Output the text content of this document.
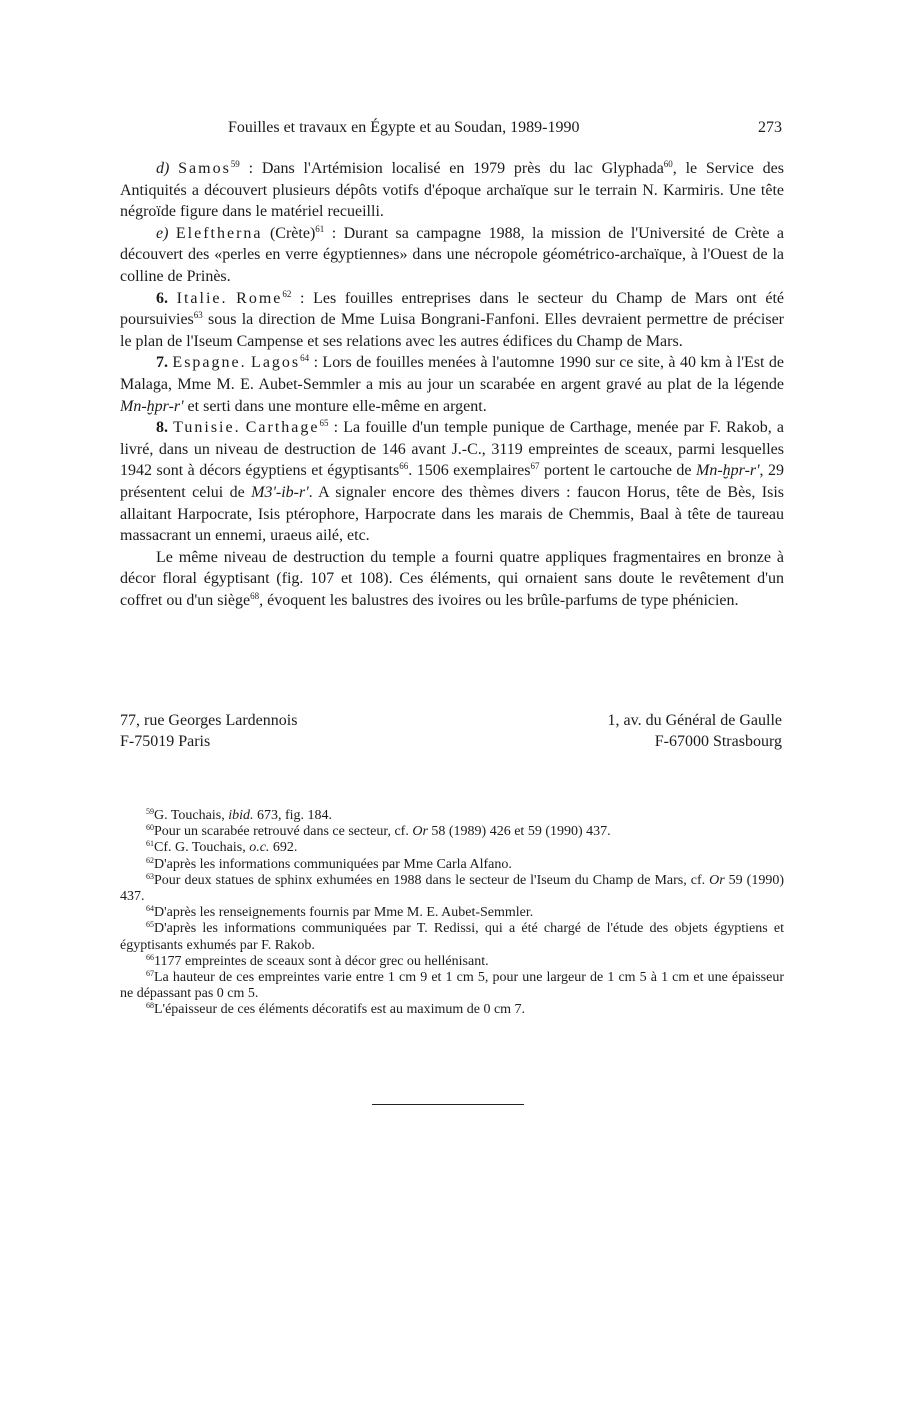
Fouilles et travaux en Égypte et au Soudan, 1989-1990	273

d) Samos$^{59}$ : Dans l'Artémision localisé en 1979 près du lac Glyphada$^{60}$, le Service des Antiquités a découvert plusieurs dépôts votifs d'époque archaïque sur le terrain N. Karmiris. Une tête négroïde figure dans le matériel recueilli.

e) Eleftherna (Crète)$^{61}$ : Durant sa campagne 1988, la mission de l'Université de Crète a découvert des «perles en verre égyptiennes» dans une nécropole géométrico-archaïque, à l'Ouest de la colline de Prinès.

6. Italie. Rome$^{62}$ : Les fouilles entreprises dans le secteur du Champ de Mars ont été poursuivies$^{63}$ sous la direction de Mme Luisa Bongrani-Fanfoni. Elles devraient permettre de préciser le plan de l'Iseum Campense et ses relations avec les autres édifices du Champ de Mars.

7. Espagne. Lagos$^{64}$ : Lors de fouilles menées à l'automne 1990 sur ce site, à 40 km à l'Est de Malaga, Mme M. E. Aubet-Semmler a mis au jour un scarabée en argent gravé au plat de la légende Mn-ḫpr-r' et serti dans une monture elle-même en argent.

8. Tunisie. Carthage$^{65}$ : La fouille d'un temple punique de Carthage, menée par F. Rakob, a livré, dans un niveau de destruction de 146 avant J.-C., 3119 empreintes de sceaux, parmi lesquelles 1942 sont à décors égyptiens et égyptisants$^{66}$. 1506 exemplaires$^{67}$ portent le cartouche de Mn-ḫpr-r', 29 présentent celui de M3'-ib-r'. A signaler encore des thèmes divers : faucon Horus, tête de Bès, Isis allaitant Harpocrate, Isis ptérophore, Harpocrate dans les marais de Chemmis, Baal à tête de taureau massacrant un ennemi, uraeus ailé, etc.

Le même niveau de destruction du temple a fourni quatre appliques fragmentaires en bronze à décor floral égyptisant (fig. 107 et 108). Ces éléments, qui ornaient sans doute le revêtement d'un coffret ou d'un siège$^{68}$, évoquent les balustres des ivoires ou les brûle-parfums de type phénicien.

77, rue Georges Lardennois
F-75019 Paris
1, av. du Général de Gaulle
F-67000 Strasbourg

$^{59}$G. Touchais, ibid. 673, fig. 184.

$^{60}$Pour un scarabée retrouvé dans ce secteur, cf. Or 58 (1989) 426 et 59 (1990) 437.

$^{61}$Cf. G. Touchais, o.c. 692.

$^{62}$D'après les informations communiquées par Mme Carla Alfano.

$^{63}$Pour deux statues de sphinx exhumées en 1988 dans le secteur de l'Iseum du Champ de Mars, cf. Or 59 (1990) 437.

$^{64}$D'après les renseignements fournis par Mme M. E. Aubet-Semmler.

$^{65}$D'après les informations communiquées par T. Redissi, qui a été chargé de l'étude des objets égyptiens et égyptisants exhumés par F. Rakob.

$^{66}$1177 empreintes de sceaux sont à décor grec ou hellénisant.

$^{67}$La hauteur de ces empreintes varie entre 1 cm 9 et 1 cm 5, pour une largeur de 1 cm 5 à 1 cm et une épaisseur ne dépassant pas 0 cm 5.

$^{68}$L'épaisseur de ces éléments décoratifs est au maximum de 0 cm 7.
